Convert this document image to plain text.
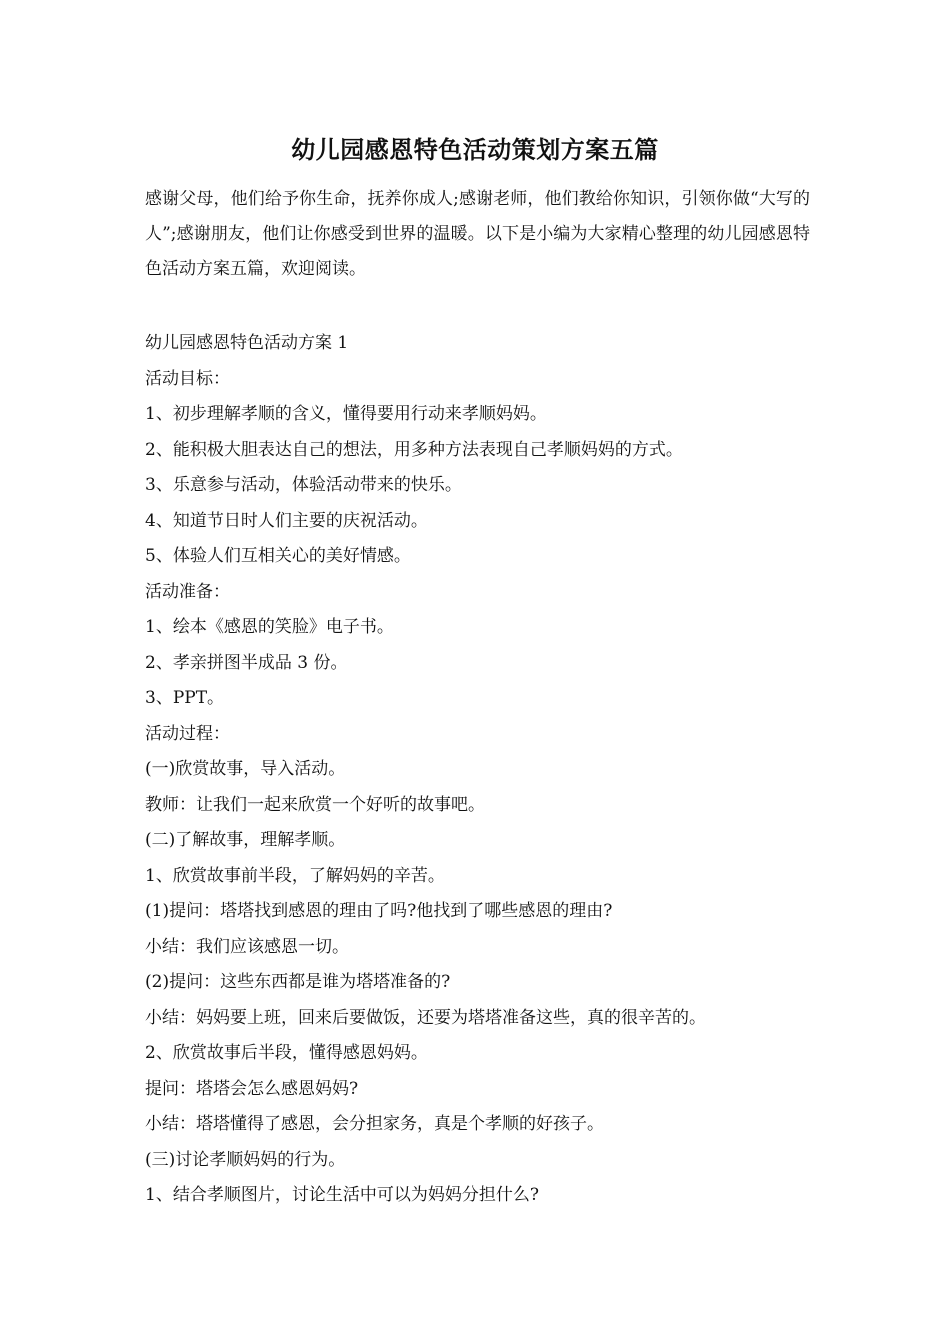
幼儿园感恩特色活动策划方案五篇
感谢父母，他们给予你生命，抚养你成人;感谢老师，他们教给你知识，引领你做“大写的人”;感谢朋友，他们让你感受到世界的温暖。以下是小编为大家精心整理的幼儿园感恩特色活动方案五篇，欢迎阅读。
幼儿园感恩特色活动方案 1
活动目标：
1、初步理解孝顺的含义，懂得要用行动来孝顺妈妈。
2、能积极大胆表达自己的想法，用多种方法表现自己孝顺妈妈的方式。
3、乐意参与活动，体验活动带来的快乐。
4、知道节日时人们主要的庆祝活动。
5、体验人们互相关心的美好情感。
活动准备：
1、绘本《感恩的笑脸》电子书。
2、孝亲拼图半成品 3 份。
3、PPT。
活动过程：
(一)欣赏故事，导入活动。
教师：让我们一起来欣赏一个好听的故事吧。
(二)了解故事，理解孝顺。
1、欣赏故事前半段，了解妈妈的辛苦。
(1)提问：塔塔找到感恩的理由了吗?他找到了哪些感恩的理由?
小结：我们应该感恩一切。
(2)提问：这些东西都是谁为塔塔准备的?
小结：妈妈要上班，回来后要做饭，还要为塔塔准备这些，真的很辛苦的。
2、欣赏故事后半段，懂得感恩妈妈。
提问：塔塔会怎么感恩妈妈?
小结：塔塔懂得了感恩，会分担家务，真是个孝顺的好孩子。
(三)讨论孝顺妈妈的行为。
1、结合孝顺图片，讨论生活中可以为妈妈分担什么?
